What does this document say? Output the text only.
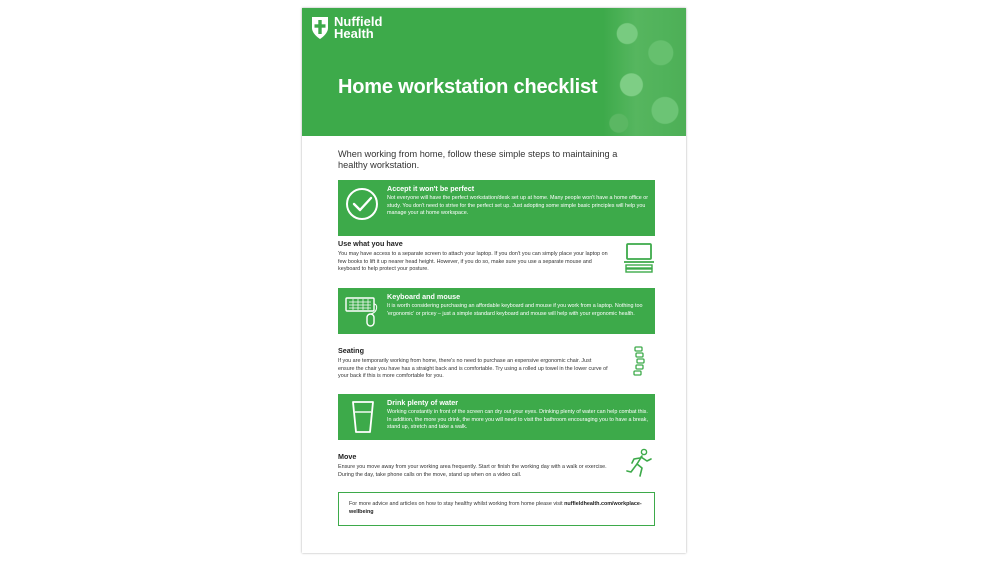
Nuffield Health
Home workstation checklist

When working from home, follow these simple steps to maintaining a healthy workstation.

Accept it won't be perfect

Not everyone will have the perfect workstation/desk set up at home. Many people won't have a home office or study. You don't need to strive for the perfect set up. Just adopting some simple basic principles will help you manage your at home workspace.

Use what you have

You may have access to a separate screen to attach your laptop. If you don't you can simply place your laptop on few books to lift it up nearer head height. However, if you do so, make sure you use a separate mouse and keyboard to help protect your posture.

Keyboard and mouse

It is worth considering purchasing an affordable keyboard and mouse if you work from a laptop. Nothing too 'ergonomic' or pricey – just a simple standard keyboard and mouse will help with your ergonomic health.

Seating

If you are temporarily working from home, there's no need to purchase an expensive ergonomic chair. Just ensure the chair you have has a straight back and is comfortable. Try using a rolled up towel in the lower curve of your back if this is more comfortable for you.

Drink plenty of water

Working constantly in front of the screen can dry out your eyes. Drinking plenty of water can help combat this. In addition, the more you drink, the more you will need to visit the bathroom encouraging you to have a break, stand up, stretch and take a walk.

Move

Ensure you move away from your working area frequently. Start or finish the working day with a walk or exercise. During the day, take phone calls on the move, stand up when on a video call.

For more advice and articles on how to stay healthy whilst working from home please visit nuffieldhealth.com/workplace-wellbeing
